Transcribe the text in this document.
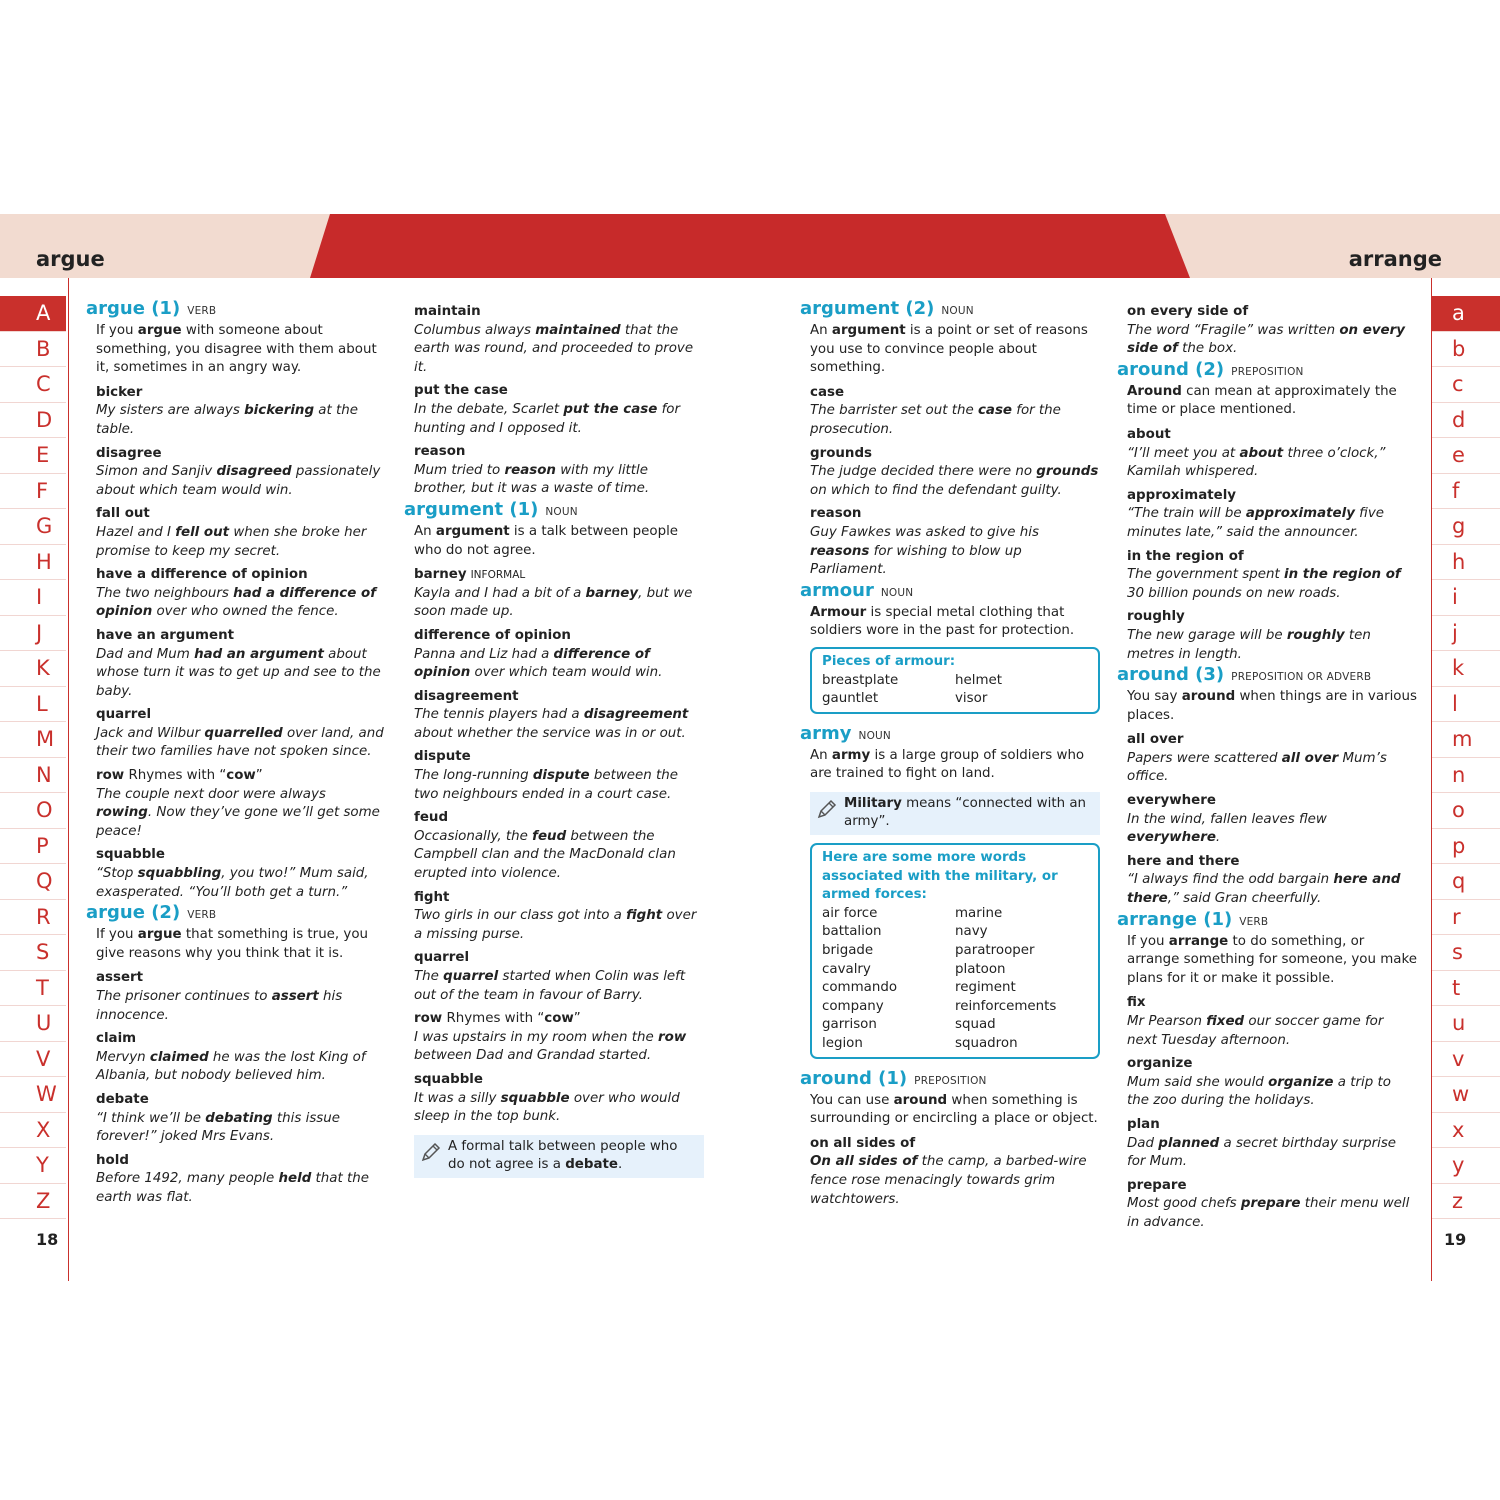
argue	arrange
A
B
C
D
E
F
G
H
I
J
K
L
M
N
O
P
Q
R
S
T
U
V
W
X
Y
Z
a
b
c
d
e
f
g
h
i
j
k
l
m
n
o
p
q
r
s
t
u
v
w
x
y
z
18	19
argue (1) VERB
If you argue with someone about something, you disagree with them about it, sometimes in an angry way.
bicker
My sisters are always bickering at the table.
disagree
Simon and Sanjiv disagreed passionately about which team would win.
fall out
Hazel and I fell out when she broke her promise to keep my secret.
have a difference of opinion
The two neighbours had a difference of opinion over who owned the fence.
have an argument
Dad and Mum had an argument about whose turn it was to get up and see to the baby.
quarrel
Jack and Wilbur quarrelled over land, and their two families have not spoken since.
row Rhymes with “cow”
The couple next door were always rowing. Now they’ve gone we’ll get some peace!
squabble
“Stop squabbling, you two!” Mum said, exasperated. “You’ll both get a turn.”
argue (2) VERB
If you argue that something is true, you give reasons why you think that it is.
assert
The prisoner continues to assert his innocence.
claim
Mervyn claimed he was the lost King of Albania, but nobody believed him.
debate
“I think we’ll be debating this issue forever!” joked Mrs Evans.
hold
Before 1492, many people held that the earth was flat.
maintain
Columbus always maintained that the earth was round, and proceeded to prove it.
put the case
In the debate, Scarlet put the case for hunting and I opposed it.
reason
Mum tried to reason with my little brother, but it was a waste of time.
argument (1) NOUN
An argument is a talk between people who do not agree.
barney INFORMAL
Kayla and I had a bit of a barney, but we soon made up.
difference of opinion
Panna and Liz had a difference of opinion over which team would win.
disagreement
The tennis players had a disagreement about whether the service was in or out.
dispute
The long-running dispute between the two neighbours ended in a court case.
feud
Occasionally, the feud between the Campbell clan and the MacDonald clan erupted into violence.
fight
Two girls in our class got into a fight over a missing purse.
quarrel
The quarrel started when Colin was left out of the team in favour of Barry.
row Rhymes with “cow”
I was upstairs in my room when the row between Dad and Grandad started.
squabble
It was a silly squabble over who would sleep in the top bunk.
A formal talk between people who do not agree is a debate.
argument (2) NOUN
An argument is a point or set of reasons you use to convince people about something.
case
The barrister set out the case for the prosecution.
grounds
The judge decided there were no grounds on which to find the defendant guilty.
reason
Guy Fawkes was asked to give his reasons for wishing to blow up Parliament.
armour NOUN
Armour is special metal clothing that soldiers wore in the past for protection.
Pieces of armour:
breastplate	helmet
gauntlet	visor
army NOUN
An army is a large group of soldiers who are trained to fight on land.
Military means “connected with an army”.
Here are some more words associated with the military, or armed forces:
air force	marine
battalion	navy
brigade	paratrooper
cavalry	platoon
commando	regiment
company	reinforcements
garrison	squad
legion	squadron
around (1) PREPOSITION
You can use around when something is surrounding or encircling a place or object.
on all sides of
On all sides of the camp, a barbed-wire fence rose menacingly towards grim watchtowers.
on every side of
The word “Fragile” was written on every side of the box.
around (2) PREPOSITION
Around can mean at approximately the time or place mentioned.
about
“I’ll meet you at about three o’clock,” Kamilah whispered.
approximately
“The train will be approximately five minutes late,” said the announcer.
in the region of
The government spent in the region of 30 billion pounds on new roads.
roughly
The new garage will be roughly ten metres in length.
around (3) PREPOSITION OR ADVERB
You say around when things are in various places.
all over
Papers were scattered all over Mum’s office.
everywhere
In the wind, fallen leaves flew everywhere.
here and there
“I always find the odd bargain here and there,” said Gran cheerfully.
arrange (1) VERB
If you arrange to do something, or arrange something for someone, you make plans for it or make it possible.
fix
Mr Pearson fixed our soccer game for next Tuesday afternoon.
organize
Mum said she would organize a trip to the zoo during the holidays.
plan
Dad planned a secret birthday surprise for Mum.
prepare
Most good chefs prepare their menu well in advance.
